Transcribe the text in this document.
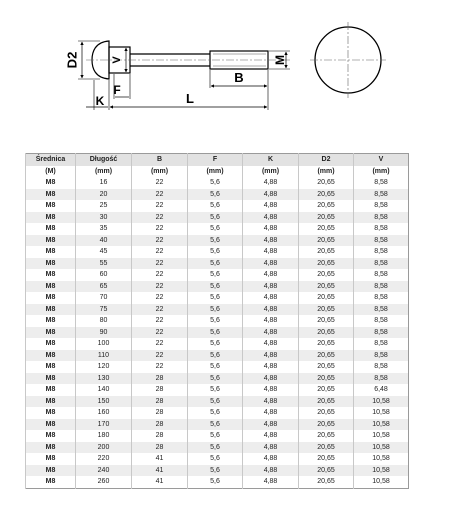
D2	V	M
B
K
F
L
Średnica	Długość	B	F	K	D2	V
(M)	(mm)	(mm)	(mm)	(mm)	(mm)	(mm)
M8	16	22	5,6	4,88	20,65	8,58
M8	20	22	5,6	4,88	20,65	8,58
M8	25	22	5,6	4,88	20,65	8,58
M8	30	22	5,6	4,88	20,65	8,58
M8	35	22	5,6	4,88	20,65	8,58
M8	40	22	5,6	4,88	20,65	8,58
M8	45	22	5,6	4,88	20,65	8,58
M8	55	22	5,6	4,88	20,65	8,58
M8	60	22	5,6	4,88	20,65	8,58
M8	65	22	5,6	4,88	20,65	8,58
M8	70	22	5,6	4,88	20,65	8,58
M8	75	22	5,6	4,88	20,65	8,58
M8	80	22	5,6	4,88	20,65	8,58
M8	90	22	5,6	4,88	20,65	8,58
M8	100	22	5,6	4,88	20,65	8,58
M8	110	22	5,6	4,88	20,65	8,58
M8	120	22	5,6	4,88	20,65	8,58
M8	130	28	5,6	4,88	20,65	8,58
M8	140	28	5,6	4,88	20,65	6,48
M8	150	28	5,6	4,88	20,65	10,58
M8	160	28	5,6	4,88	20,65	10,58
M8	170	28	5,6	4,88	20,65	10,58
M8	180	28	5,6	4,88	20,65	10,58
M8	200	28	5,6	4,88	20,65	10,58
M8	220	41	5,6	4,88	20,65	10,58
M8	240	41	5,6	4,88	20,65	10,58
M8	260	41	5,6	4,88	20,65	10,58
